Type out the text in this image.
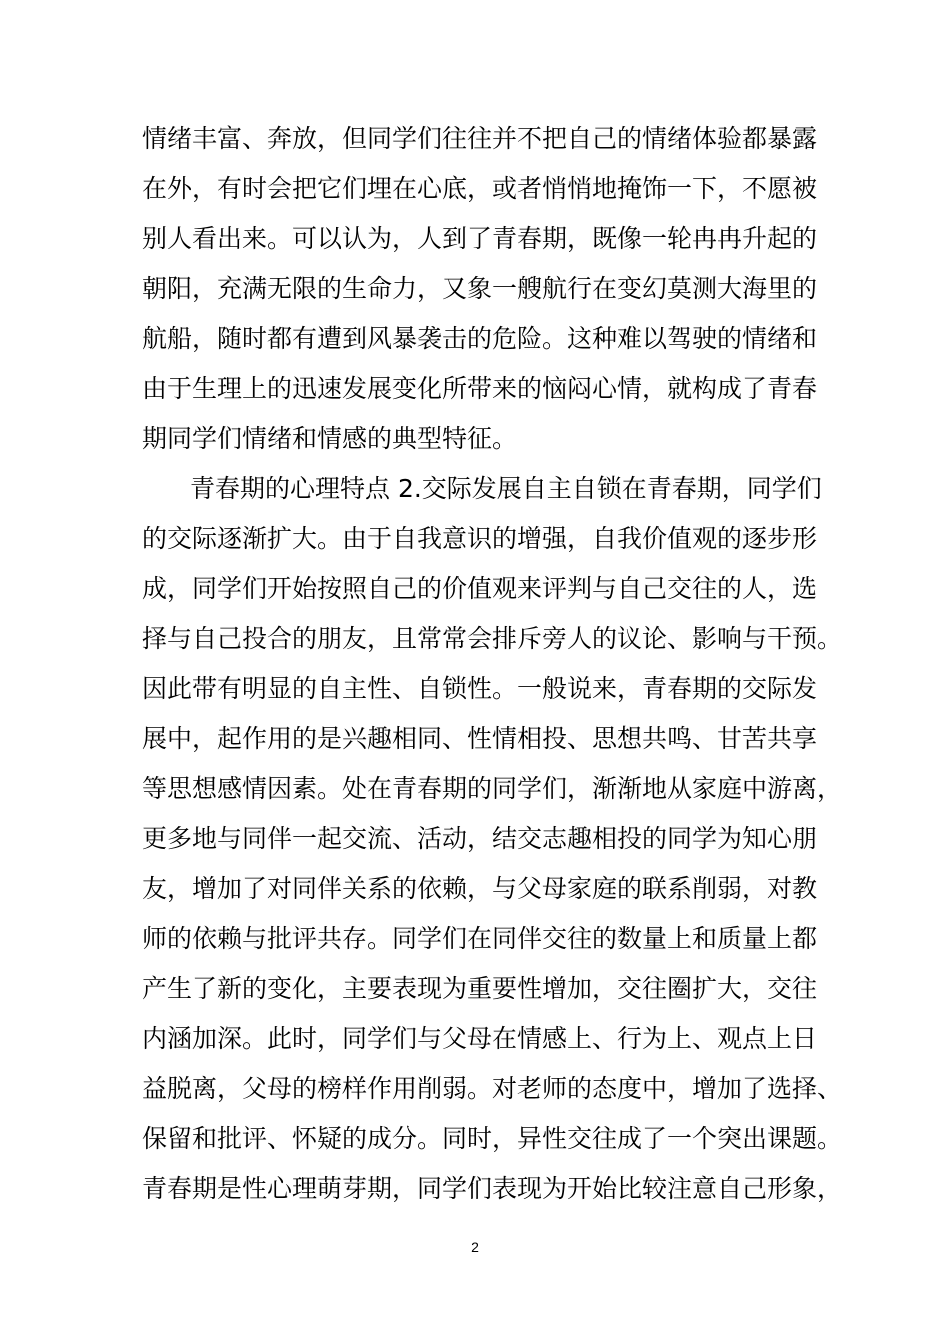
情绪丰富、奔放，但同学们往往并不把自己的情绪体验都暴露
在外，有时会把它们埋在心底，或者悄悄地掩饰一下，不愿被
别人看出来。可以认为，人到了青春期，既像一轮冉冉升起的
朝阳，充满无限的生命力，又象一艘航行在变幻莫测大海里的
航船，随时都有遭到风暴袭击的危险。这种难以驾驶的情绪和
由于生理上的迅速发展变化所带来的恼闷心情，就构成了青春
期同学们情绪和情感的典型特征。
青春期的心理特点 2.交际发展自主自锁在青春期，同学们
的交际逐渐扩大。由于自我意识的增强，自我价值观的逐步形
成，同学们开始按照自己的价值观来评判与自己交往的人，选
择与自己投合的朋友，且常常会排斥旁人的议论、影响与干预。
因此带有明显的自主性、自锁性。一般说来，青春期的交际发
展中，起作用的是兴趣相同、性情相投、思想共鸣、甘苦共享
等思想感情因素。处在青春期的同学们，渐渐地从家庭中游离，
更多地与同伴一起交流、活动，结交志趣相投的同学为知心朋
友，增加了对同伴关系的依赖，与父母家庭的联系削弱，对教
师的依赖与批评共存。同学们在同伴交往的数量上和质量上都
产生了新的变化，主要表现为重要性增加，交往圈扩大，交往
内涵加深。此时，同学们与父母在情感上、行为上、观点上日
益脱离，父母的榜样作用削弱。对老师的态度中，增加了选择、
保留和批评、怀疑的成分。同时，异性交往成了一个突出课题。
青春期是性心理萌芽期，同学们表现为开始比较注意自己形象，
2
